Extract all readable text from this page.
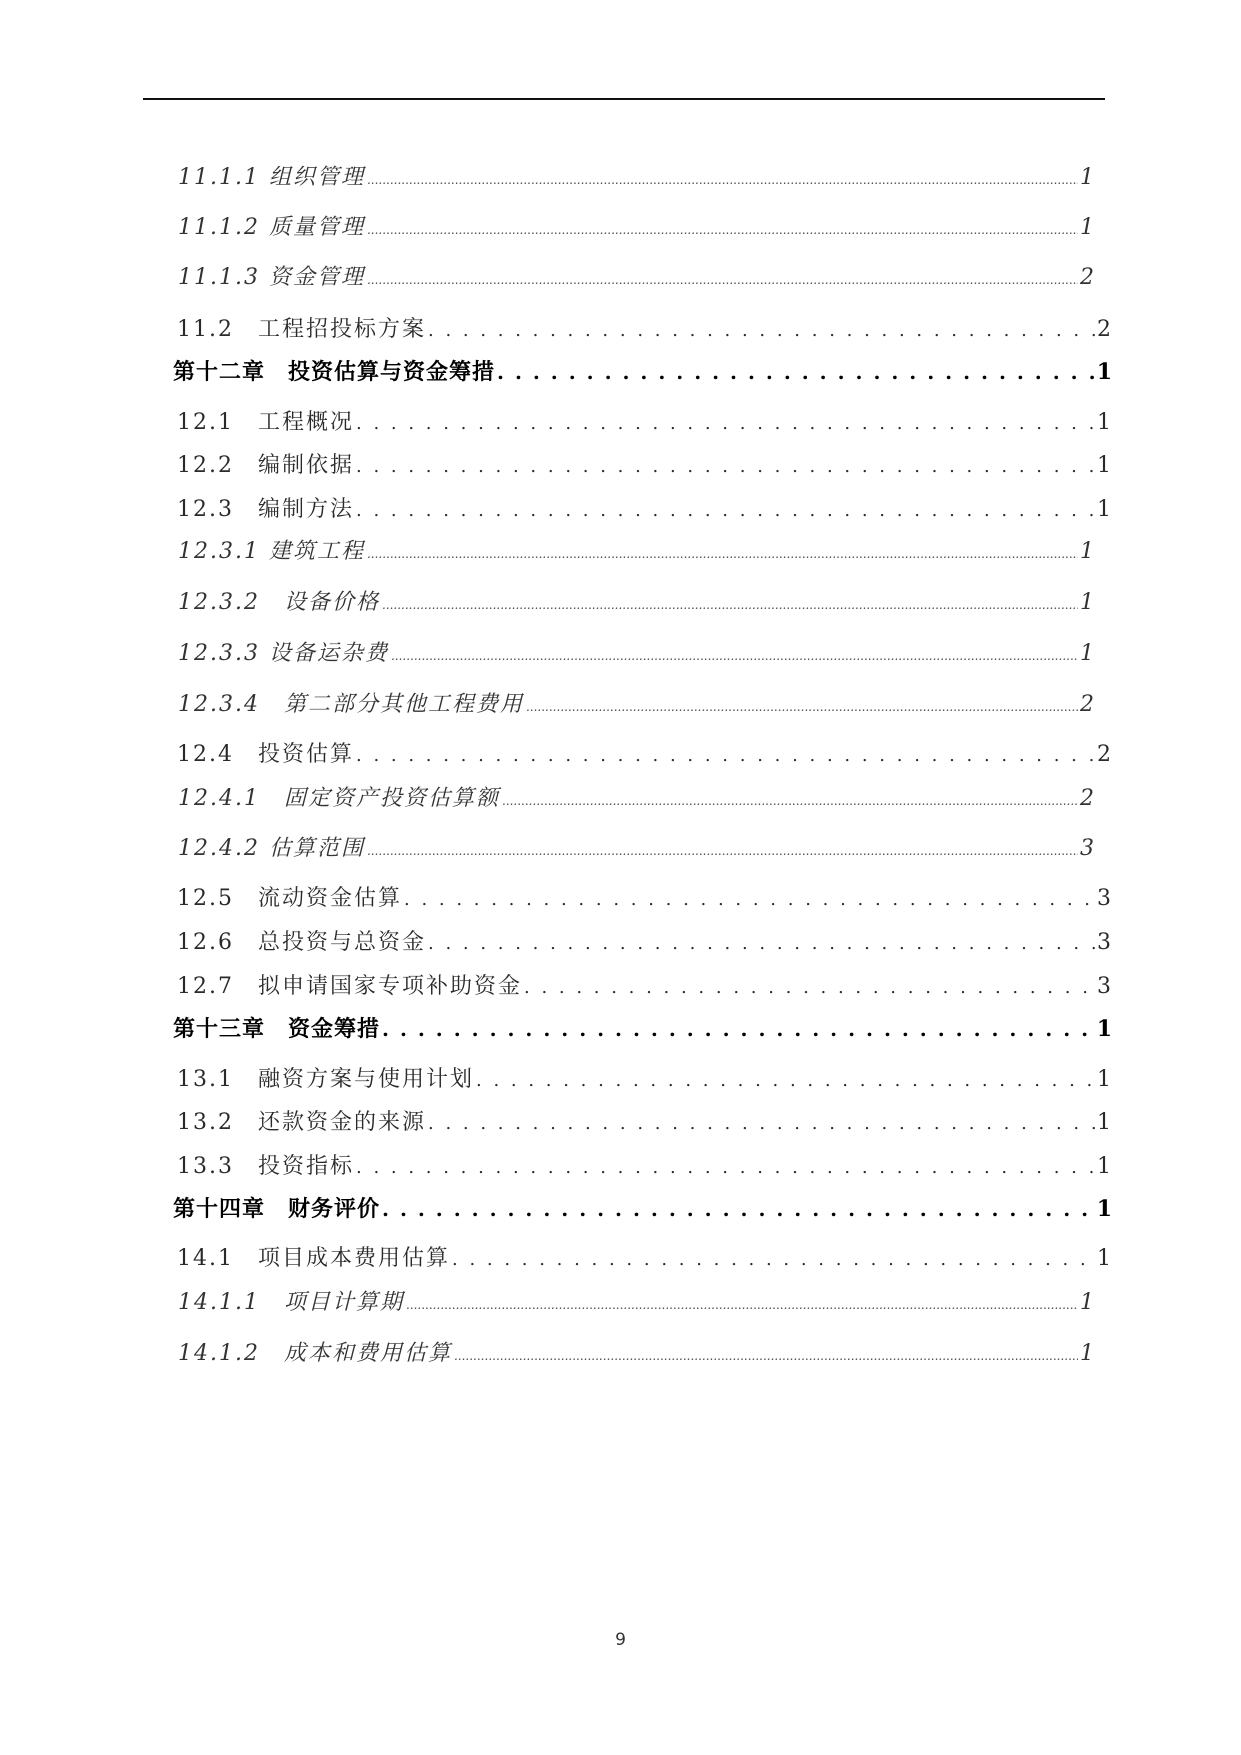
11.1.1 组织管理 .....	1
11.1.2 质量管理 .....	1
11.1.3 资金管理 .....	2
11.2　工程招投标方案 . . .	2
第十二章　投资估算与资金筹措 . . .	1
12.1　工程概况 . . .	1
12.2　编制依据 . . .	1
12.3　编制方法 . . .	1
12.3.1 建筑工程 .....	1
12.3.2　设备价格 .....	1
12.3.3 设备运杂费 .....	1
12.3.4　第二部分其他工程费用 .....	2
12.4　投资估算 . . .	2
12.4.1　固定资产投资估算额 .....	2
12.4.2 估算范围 .....	3
12.5　流动资金估算 . . .	3
12.6　总投资与总资金 . . .	3
12.7　拟申请国家专项补助资金 . . .	3
第十三章　资金筹措 . . .	1
13.1　融资方案与使用计划 . . .	1
13.2　还款资金的来源 . . .	1
13.3　投资指标 . . .	1
第十四章　财务评价 . . .	1
14.1　项目成本费用估算 . . .	1
14.1.1　项目计算期 .....	1
14.1.2　成本和费用估算 .....	1
9
